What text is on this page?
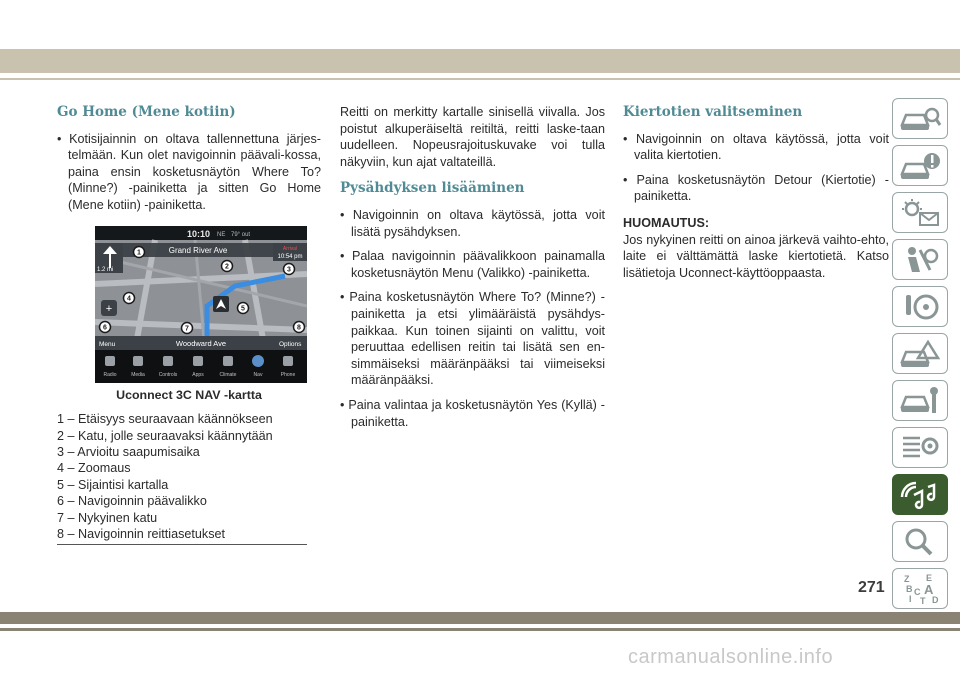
Go Home (Mene kotiin)

• Kotisijainnin on oltava tallennettuna järjes-telmään. Kun olet navigoinnin päävali-kossa, paina ensin kosketusnäytön Where To? (Minne?) -painiketta ja sitten Go Home (Mene kotiin) -painiketta.

10:10 NE 79° out
Grand River Ave
1.2 mi
Arrival
10:54 pm
+
Menu	Woodward Ave	Options
1
2	3
4
5
6	7	8
Radio	Media	Controls	Apps	Climate	Nav	Phone
Uconnect 3C NAV -kartta

1 – Etäisyys seuraavaan käännökseen

2 – Katu, jolle seuraavaksi käännytään

3 – Arvioitu saapumisaika

4 – Zoomaus

5 – Sijaintisi kartalla

6 – Navigoinnin päävalikko

7 – Nykyinen katu

8 – Navigoinnin reittiasetukset

Reitti on merkitty kartalle sinisellä viivalla. Jos poistut alkuperäiseltä reitiltä, reitti laske-taan uudelleen. Nopeusrajoituskuvake voi tulla näkyviin, kun ajat valtateillä.

Pysähdyksen lisääminen

• Navigoinnin on oltava käytössä, jotta voit lisätä pysähdyksen.

• Palaa navigoinnin päävalikkoon painamalla kosketusnäytön Menu (Valikko) -painiketta.

• Paina kosketusnäytön Where To? (Minne?) -painiketta ja etsi ylimääräistä pysähdys-paikkaa. Kun toinen sijainti on valittu, voit peruuttaa edellisen reitin tai lisätä sen en-simmäiseksi määränpääksi tai viimeiseksi määränpääksi.

• Paina valintaa ja kosketusnäytön Yes (Kyllä) -painiketta.

Kiertotien valitseminen

• Navigoinnin on oltava käytössä, jotta voit valita kiertotien.

• Paina kosketusnäytön Detour (Kiertotie) -painiketta.

HUOMAUTUS:

Jos nykyinen reitti on ainoa järkevä vaihto-ehto, laite ei välttämättä laske kiertotietä. Katso lisätietoja Uconnect-käyttöoppaasta.

Z E
B A
I D
C
T
271
carmanualsonline.info
